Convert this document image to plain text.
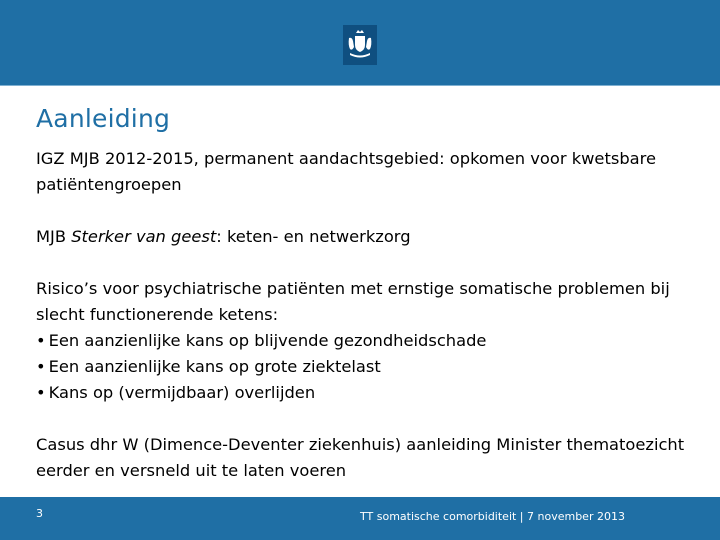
Aanleiding

IGZ MJB 2012-2015, permanent aandachtsgebied: opkomen voor kwetsbare patiëntengroepen

MJB Sterker van geest: keten- en netwerkzorg

Risico’s voor psychiatrische patiënten met ernstige somatische problemen bij slecht functionerende ketens:

• Een aanzienlijke kans op blijvende gezondheidschade

• Een aanzienlijke kans op grote ziektelast

• Kans op (vermijdbaar) overlijden

Casus dhr W (Dimence-Deventer ziekenhuis) aanleiding Minister thematoezicht eerder en versneld uit te laten voeren

3	TT somatische comorbiditeit | 7 november 2013
